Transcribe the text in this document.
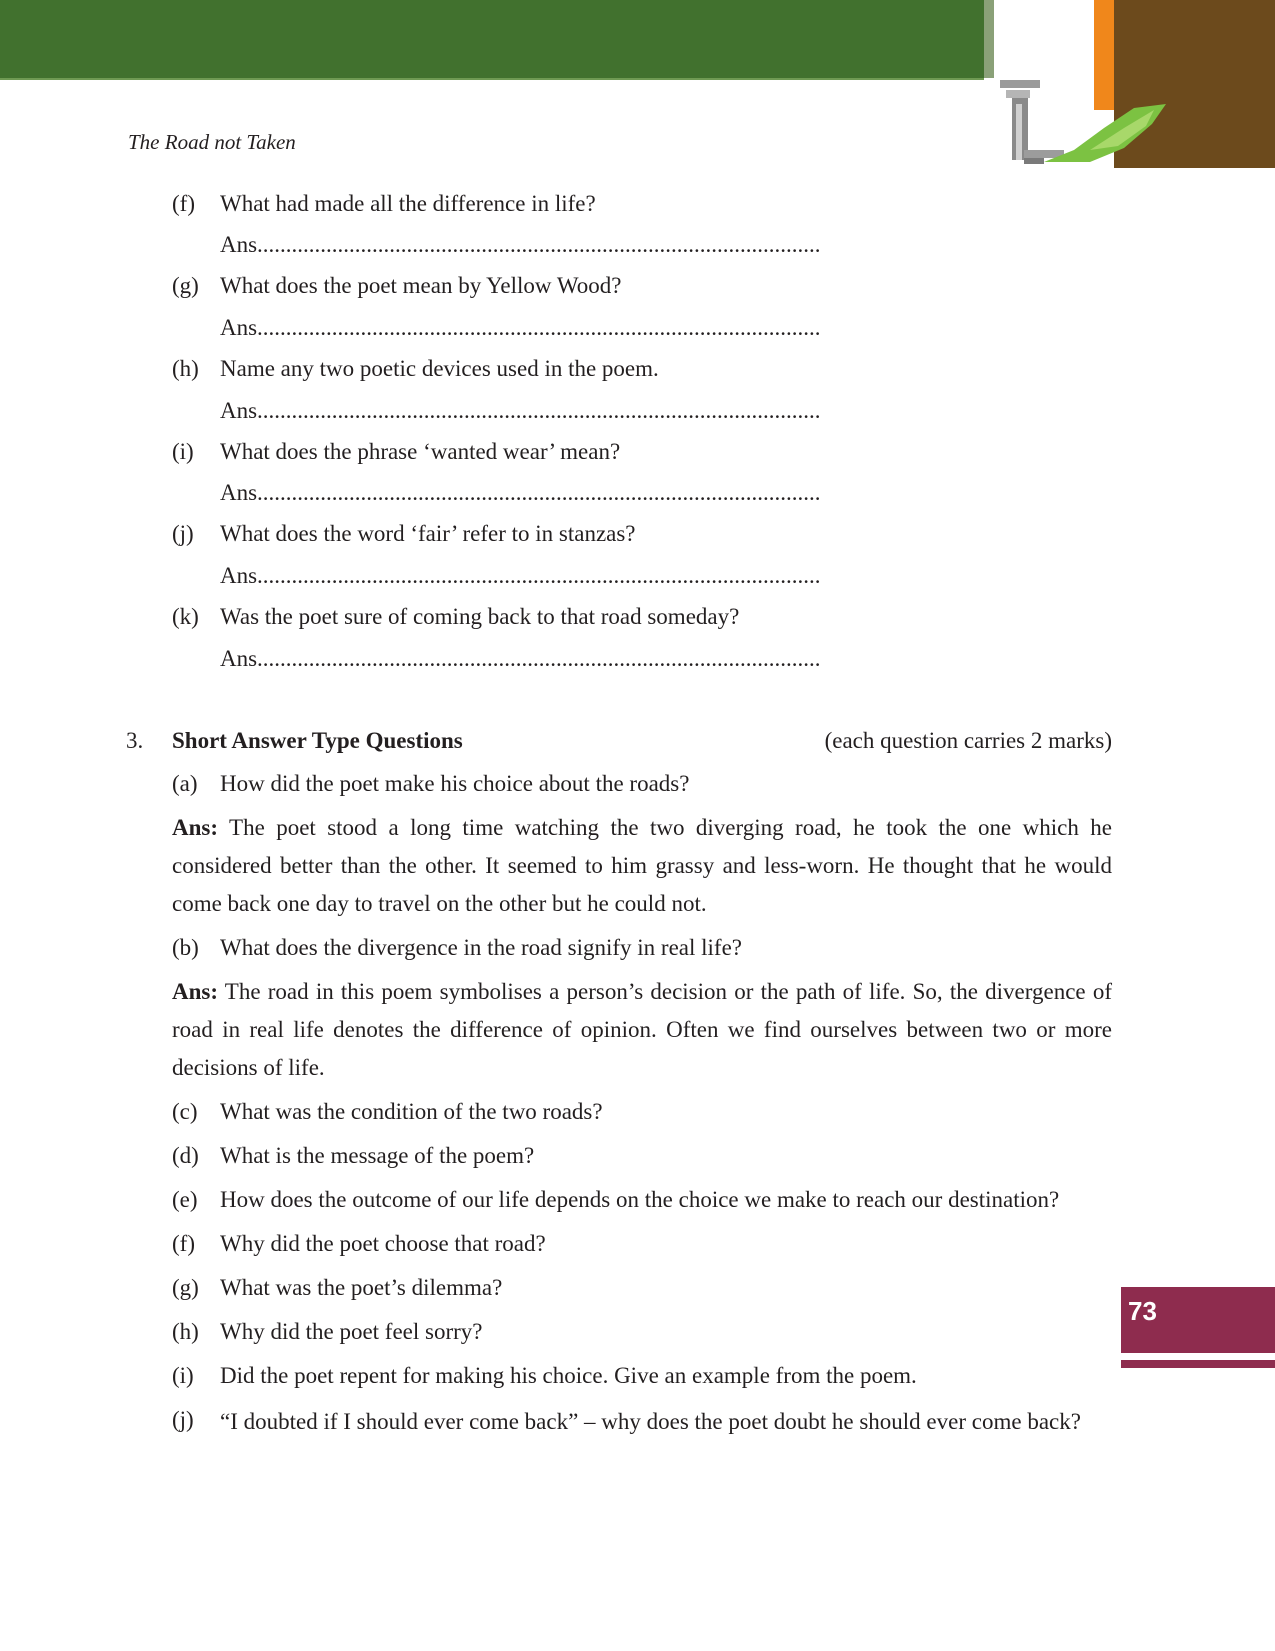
The Road not Taken
(f) What had made all the difference in life?
Ans..................................................................................................
(g) What does the poet mean by Yellow Wood?
Ans..................................................................................................
(h) Name any two poetic devices used in the poem.
Ans..................................................................................................
(i) What does the phrase ‘wanted wear’ mean?
Ans..................................................................................................
(j) What does the word ‘fair’ refer to in stanzas?
Ans..................................................................................................
(k) Was the poet sure of coming back to that road someday?
Ans..................................................................................................
3. Short Answer Type Questions	(each question carries 2 marks)
(a) How did the poet make his choice about the roads?
Ans: The poet stood a long time watching the two diverging road, he took the one which he considered better than the other. It seemed to him grassy and less-worn. He thought that he would come back one day to travel on the other but he could not.
(b) What does the divergence in the road signify in real life?
Ans: The road in this poem symbolises a person’s decision or the path of life. So, the divergence of road in real life denotes the difference of opinion. Often we find ourselves between two or more decisions of life.
(c) What was the condition of the two roads?
(d) What is the message of the poem?
(e) How does the outcome of our life depends on the choice we make to reach our destination?
(f) Why did the poet choose that road?
(g) What was the poet’s dilemma?
(h) Why did the poet feel sorry?
(i) Did the poet repent for making his choice. Give an example from the poem.
(j) “I doubted if I should ever come back” – why does the poet doubt he should ever come back?
73
